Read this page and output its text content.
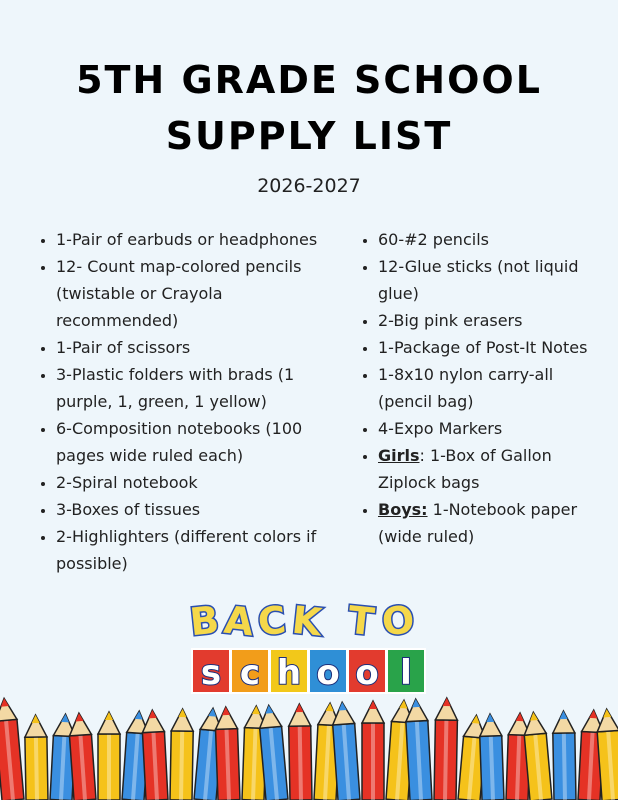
5TH GRADE SCHOOL
SUPPLY LIST
2026-2027
• 1-Pair of earbuds or headphones
• 12- Count map-colored pencils (twistable or Crayola recommended)
• 1-Pair of scissors
• 3-Plastic folders with brads (1 purple, 1, green, 1 yellow)
• 6-Composition notebooks (100 pages wide ruled each)
• 2-Spiral notebook
• 3-Boxes of tissues
• 2-Highlighters (different colors if possible)
• 60-#2 pencils
• 12-Glue sticks (not liquid glue)
• 2-Big pink erasers
• 1-Package of Post-It Notes
• 1-8x10 nylon carry-all (pencil bag)
• 4-Expo Markers
• Girls: 1-Box of Gallon Ziplock bags
• Boys: 1-Notebook paper (wide ruled)
B A C K T O
s c h o o l
